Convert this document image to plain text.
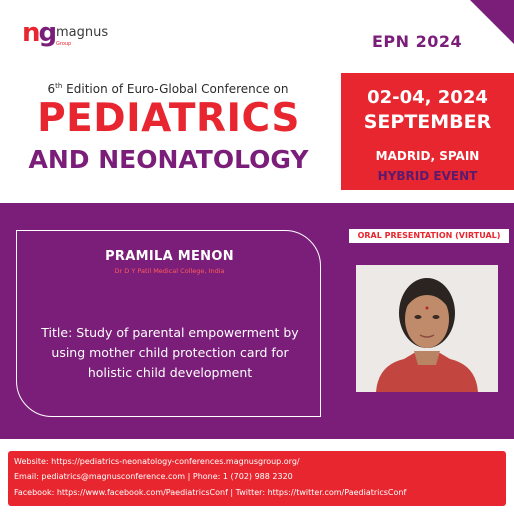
ng magnus
Group	EPN 2024
6th Edition of Euro-Global Conference on
PEDIATRICS
AND NEONATOLOGY
02-04, 2024
SEPTEMBER
MADRID, SPAIN
HYBRID EVENT
PRAMILA MENON
Dr D Y Patil Medical College, India
Title: Study of parental empowerment by using mother child protection card for holistic child development
ORAL PRESENTATION (VIRTUAL)
Website: https://pediatrics-neonatology-conferences.magnusgroup.org/
Email: pediatrics@magnusconference.com | Phone: 1 (702) 988 2320
Facebook: https://www.facebook.com/PaediatricsConf | Twitter: https://twitter.com/PaediatricsConf
